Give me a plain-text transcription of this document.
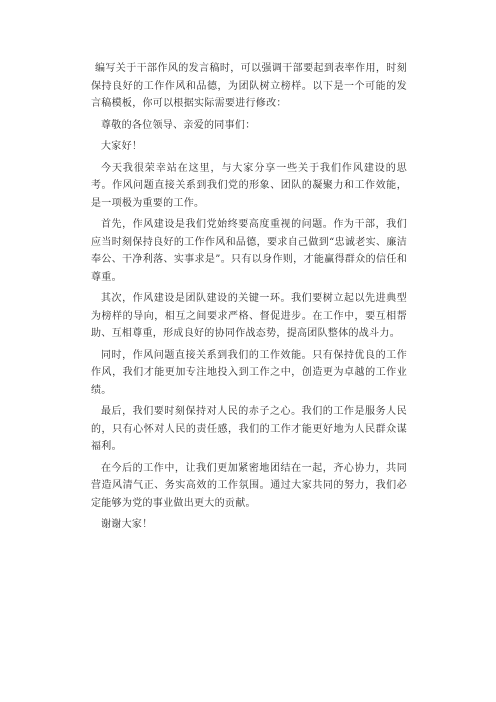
编写关于干部作风的发言稿时，可以强调干部要起到表率作用，时刻保持良好的工作作风和品德，为团队树立榜样。以下是一个可能的发言稿模板，你可以根据实际需要进行修改：

尊敬的各位领导、亲爱的同事们：

大家好！

今天我很荣幸站在这里，与大家分享一些关于我们作风建设的思考。作风问题直接关系到我们党的形象、团队的凝聚力和工作效能，是一项极为重要的工作。

首先，作风建设是我们党始终要高度重视的问题。作为干部，我们应当时刻保持良好的工作作风和品德，要求自己做到“忠诚老实、廉洁奉公、干净利落、实事求是”。只有以身作则，才能赢得群众的信任和尊重。

其次，作风建设是团队建设的关键一环。我们要树立起以先进典型为榜样的导向，相互之间要求严格、督促进步。在工作中，要互相帮助、互相尊重，形成良好的协同作战态势，提高团队整体的战斗力。

同时，作风问题直接关系到我们的工作效能。只有保持优良的工作作风，我们才能更加专注地投入到工作之中，创造更为卓越的工作业绩。

最后，我们要时刻保持对人民的赤子之心。我们的工作是服务人民的，只有心怀对人民的责任感，我们的工作才能更好地为人民群众谋福利。

在今后的工作中，让我们更加紧密地团结在一起，齐心协力，共同营造风清气正、务实高效的工作氛围。通过大家共同的努力，我们必定能够为党的事业做出更大的贡献。

谢谢大家！
